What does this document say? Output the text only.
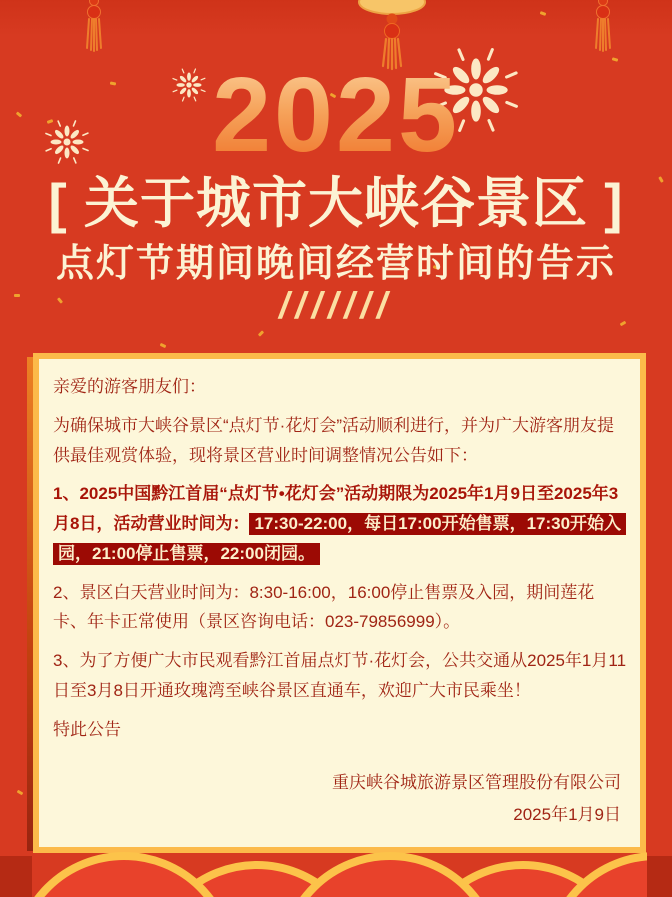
2025
[ 关于城市大峡谷景区 ]
点灯节期间晚间经营时间的告示
///////

亲爱的游客朋友们：

为确保城市大峡谷景区“点灯节·花灯会”活动顺利进行，并为广大游客朋友提供最佳观赏体验，现将景区营业时间调整情况公告如下：

1、2025中国黔江首届“点灯节•花灯会”活动期限为2025年1月9日至2025年3月8日，活动营业时间为： 17:30-22:00，每日17:00开始售票，17:30开始入园，21:00停止售票，22:00闭园。

2、景区白天营业时间为：8:30-16:00，16:00停止售票及入园，期间莲花卡、年卡正常使用（景区咨询电话：023-79856999）。

3、为了方便广大市民观看黔江首届点灯节·花灯会，公共交通从2025年1月11日至3月8日开通玫瑰湾至峡谷景区直通车，欢迎广大市民乘坐！

特此公告

重庆峡谷城旅游景区管理股份有限公司

2025年1月9日
